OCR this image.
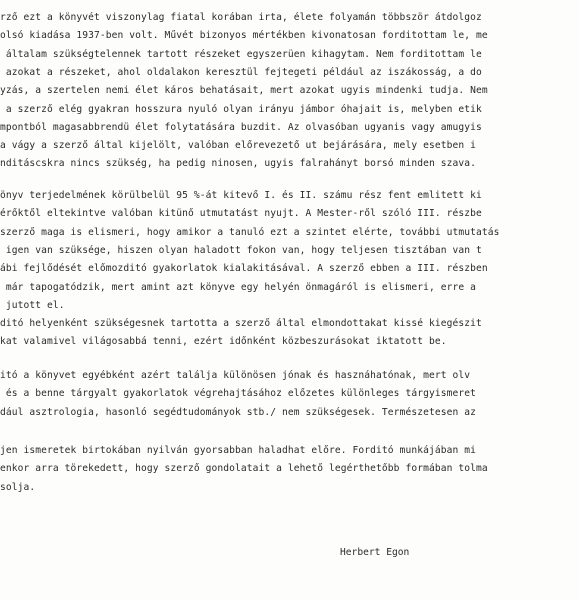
rző ezt a könyvét viszonylag fiatal korában irta, élete folyamán többször átdolgoz
olsó kiadása 1937-ben volt. Művét bizonyos mértékben kivonatosan forditottam le, me
általam szükségtelennek tartott részeket egyszerüen kihagytam. Nem forditottam le
azokat a részeket, ahol oldalakon keresztül fejtegeti például az iszákosság, a do
yzás, a szertelen nemi élet káros behatásait, mert azokat ugyis mindenki tudja. Nem
a szerző elég gyakran hosszura nyuló olyan irányu jámbor óhajait is, melyben etik
mpontból magasabbrendü élet folytatására buzdit. Az olvasóban ugyanis vagy amugyis
a vágy a szerző által kijelölt, valóban előrevezető ut bejárására, mely esetben i
nditáscskra nincs szükség, ha pedig ninosen, ugyis falrahányt borsó minden szava.
önyv terjedelmének körülbelül 95 %-át kitevő I. és II. számu rész fent emlitett ki
érőktől eltekintve valóban kitünő utmutatást nyujt. A Mester-ről szóló III. részbe
szerző maga is elismeri, hogy amikor a tanuló ezt a szintet elérte, további utmutatás
igen van szüksége, hiszen olyan haladott fokon van, hogy teljesen tisztában van t
ábi fejlődését előmozditó gyakorlatok kialakitásával. A szerző ebben a III. részben
már tapogatódzik, mert amint azt könyve egy helyén önmagáról is elismeri, erre a
jutott el.
ditó helyenként szükségesnek tartotta a szerző által elmondottakat kissé kiegészit
kat valamivel világosabbá tenni, ezért időnként közbeszurásokat iktatott be.
itó a könyvet egyébként azért találja különösen jónak és hasznáhatónak, mert olv
és a benne tárgyalt gyakorlatok végrehajtásához előzetes különleges tárgyismeret
dául asztrologia, hasonló segédtudományok stb./ nem szükségesek. Természetesen az
jen ismeretek birtokában nyilván gyorsabban haladhat előre. Forditó munkájában mi
enkor arra törekedett, hogy szerző gondolatait a lehető legérthetőbb formában tolma
solja.
Herbert Egon
